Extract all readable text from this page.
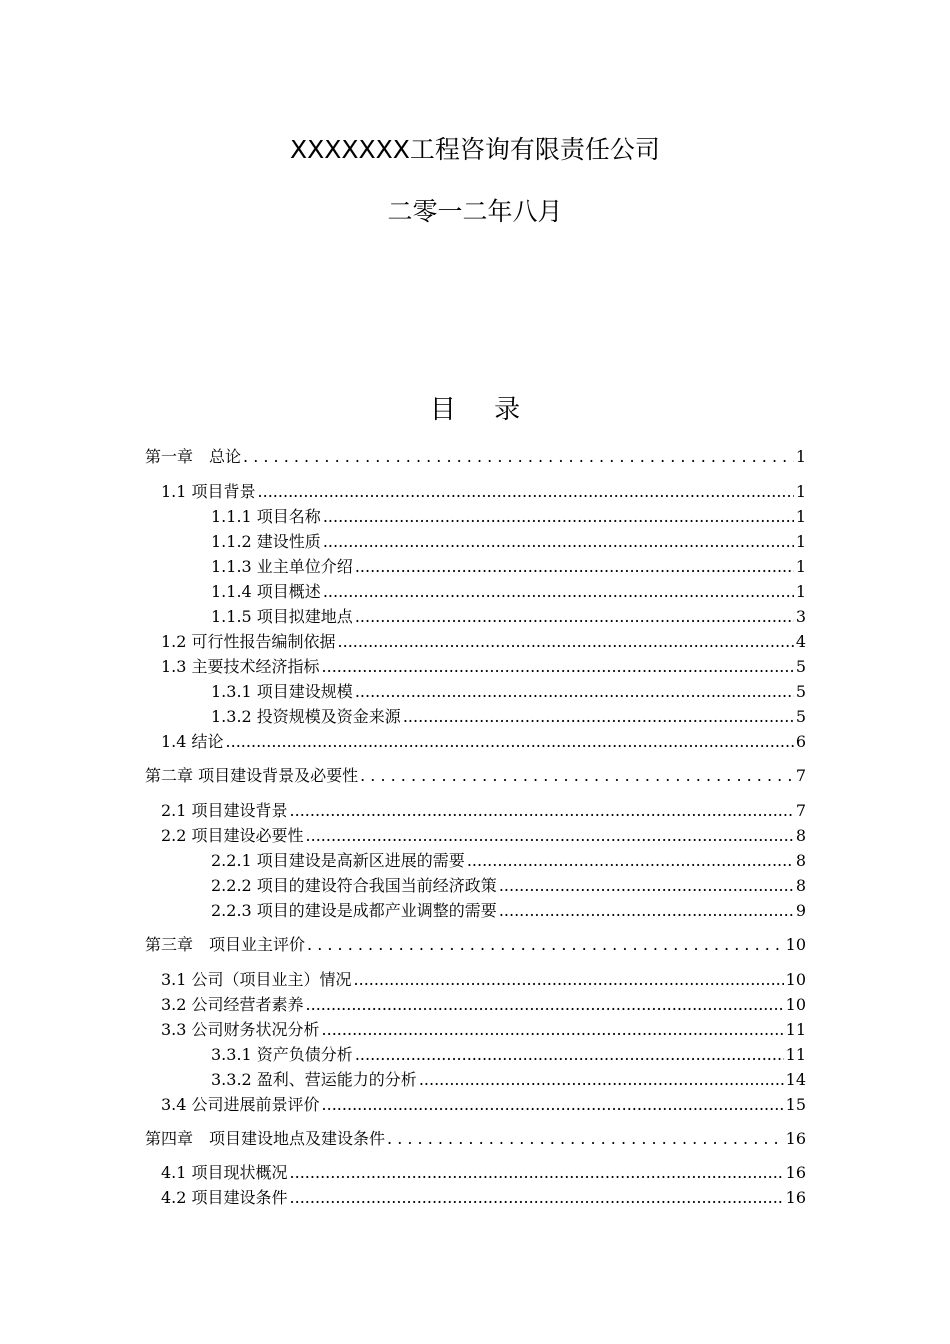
XXXXXXX工程咨询有限责任公司
二零一二年八月
目 录
第一章　总论 . . .	1
1.1 项目背景 .....	1
1.1.1 项目名称 .....	1
1.1.2 建设性质 .....	1
1.1.3 业主单位介绍 .....	1
1.1.4 项目概述 .....	1
1.1.5 项目拟建地点 .....	3
1.2 可行性报告编制依据 .....	4
1.3 主要技术经济指标 .....	5
1.3.1 项目建设规模 .....	5
1.3.2 投资规模及资金来源 .....	5
1.4 结论 .....	6
第二章 项目建设背景及必要性 . . .	7
2.1 项目建设背景 .....	7
2.2 项目建设必要性 .....	8
2.2.1 项目建设是高新区进展的需要 .....	8
2.2.2 项目的建设符合我国当前经济政策 .....	8
2.2.3 项目的建设是成都产业调整的需要 .....	9
第三章　项目业主评价 . . .	10
3.1 公司（项目业主）情况 .....	10
3.2 公司经营者素养 .....	10
3.3 公司财务状况分析 .....	11
3.3.1 资产负债分析 .....	11
3.3.2 盈利、营运能力的分析 .....	14
3.4 公司进展前景评价 .....	15
第四章　项目建设地点及建设条件 . . .	16
4.1 项目现状概况 .....	16
4.2 项目建设条件 .....	16
